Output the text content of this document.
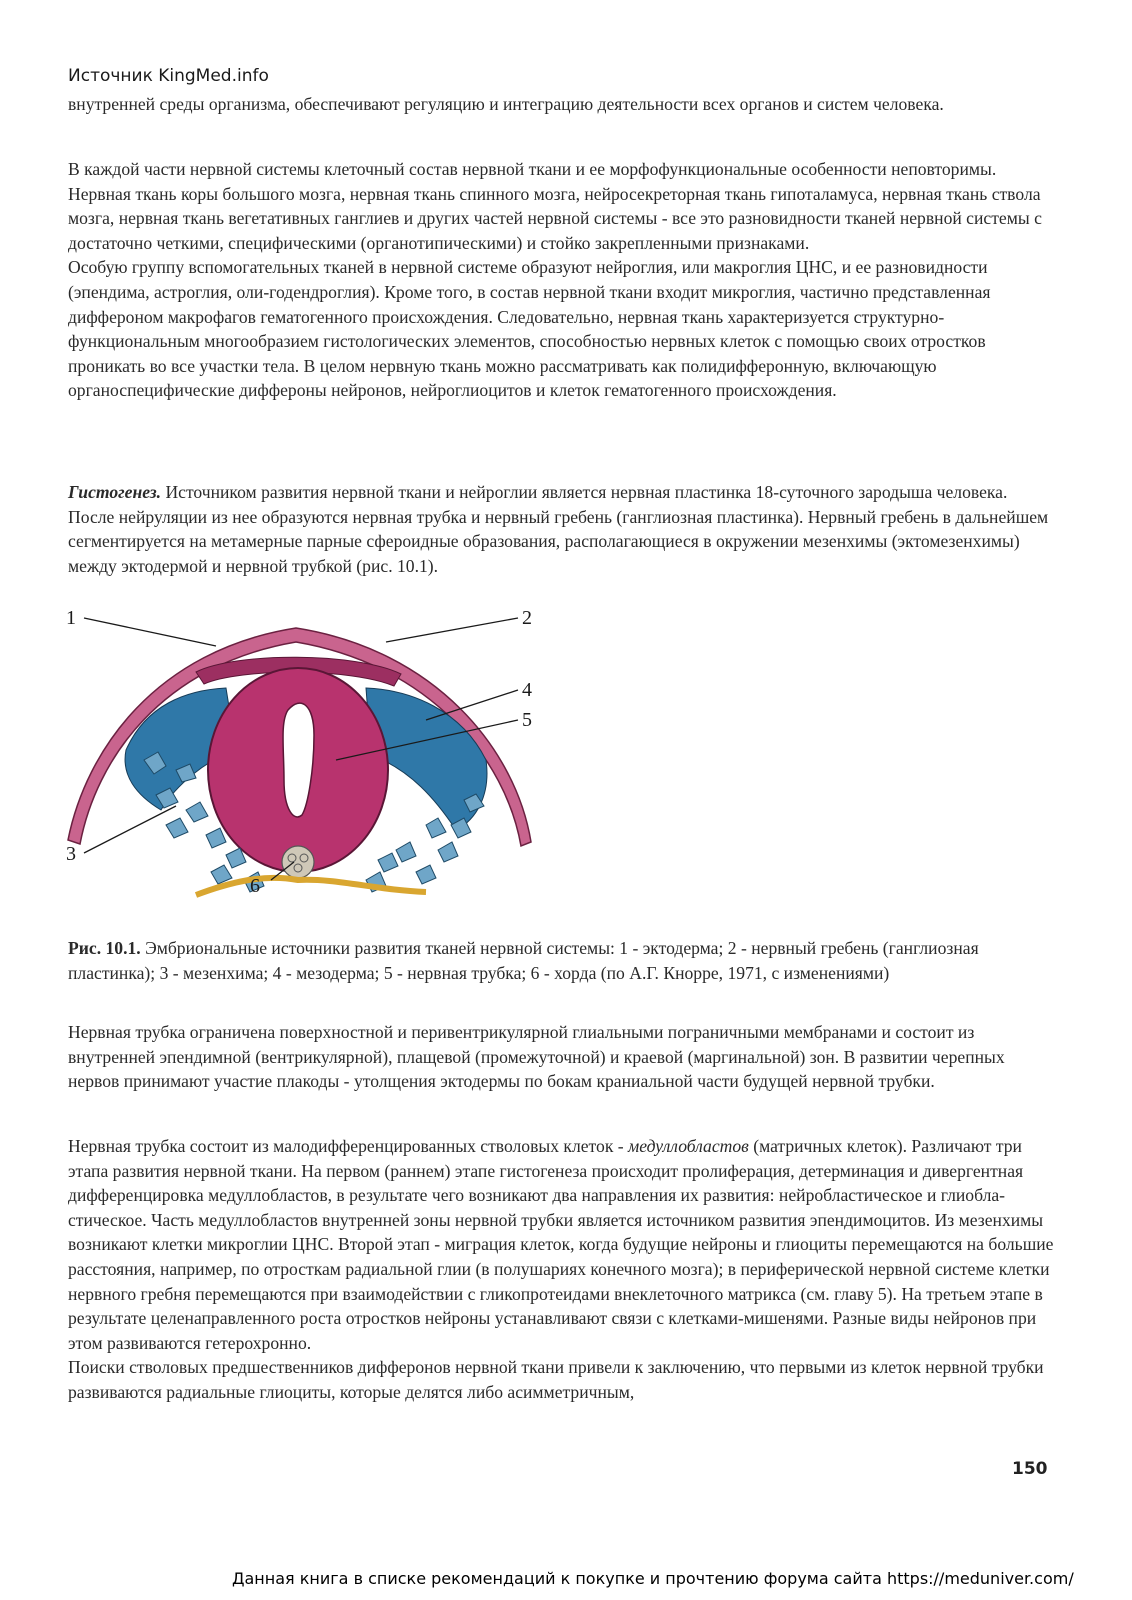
Источник KingMed.info

внутренней среды организма, обеспечивают регуляцию и интеграцию деятельности всех органов и систем человека.

В каждой части нервной системы клеточный состав нервной ткани и ее морфофункциональные особенности неповторимы. Нервная ткань коры большого мозга, нервная ткань спинного мозга, нейросекреторная ткань гипоталамуса, нервная ткань ствола мозга, нервная ткань вегетативных ганглиев и других частей нервной системы - все это разновидности тканей нервной системы с достаточно четкими, специфическими (органотипическими) и стойко закрепленными признаками.

Особую группу вспомогательных тканей в нервной системе образуют нейроглия, или макроглия ЦНС, и ее разновидности (эпендима, астроглия, оли-годендроглия). Кроме того, в состав нервной ткани входит микроглия, частично представленная диффероном макрофагов гематогенного происхождения. Следовательно, нервная ткань характеризуется структурно-функциональным многообразием гистологических элементов, способностью нервных клеток с помощью своих отростков проникать во все участки тела. В целом нервную ткань можно рассматривать как полидифферонную, включающую органоспецифические диффероны нейронов, нейроглиоцитов и клеток гематогенного происхождения.

Гистогенез. Источником развития нервной ткани и нейроглии является нервная пластинка 18-суточного зародыша человека. После нейруляции из нее образуются нервная трубка и нервный гребень (ганглиозная пластинка). Нервный гребень в дальнейшем сегментируется на метамерные парные сфероидные образования, располагающиеся в окружении мезенхимы (эктомезенхимы) между эктодермой и нервной трубкой (рис. 10.1).

1	2
3
4
5
6

Рис. 10.1. Эмбриональные источники развития тканей нервной системы: 1 - эктодерма; 2 - нервный гребень (ганглиозная пластинка); 3 - мезенхима; 4 - мезодерма; 5 - нервная трубка; 6 - хорда (по А.Г. Кнорре, 1971, с изменениями)

Нервная трубка ограничена поверхностной и перивентрикулярной глиальными пограничными мембранами и состоит из внутренней эпендимной (вентрикулярной), плащевой (промежуточной) и краевой (маргинальной) зон. В развитии черепных нервов принимают участие плакоды - утолщения эктодермы по бокам краниальной части будущей нервной трубки.

Нервная трубка состоит из малодифференцированных стволовых клеток - медуллобластов (матричных клеток). Различают три этапа развития нервной ткани. На первом (раннем) этапе гистогенеза происходит пролиферация, детерминация и дивергентная дифференцировка медуллобластов, в результате чего возникают два направления их развития: нейробластическое и глиобла-стическое. Часть медуллобластов внутренней зоны нервной трубки является источником развития эпендимоцитов. Из мезенхимы возникают клетки микроглии ЦНС. Второй этап - миграция клеток, когда будущие нейроны и глиоциты перемещаются на большие расстояния, например, по отросткам радиальной глии (в полушариях конечного мозга); в периферической нервной системе клетки нервного гребня перемещаются при взаимодействии с гликопротеидами внеклеточного матрикса (см. главу 5). На третьем этапе в результате целенаправленного роста отростков нейроны устанавливают связи с клетками-мишенями. Разные виды нейронов при этом развиваются гетерохронно.

Поиски стволовых предшественников дифферонов нервной ткани привели к заключению, что первыми из клеток нервной трубки развиваются радиальные глиоциты, которые делятся либо асимметричным,

150
Данная книга в списке рекомендаций к покупке и прочтению форума сайта https://meduniver.com/
